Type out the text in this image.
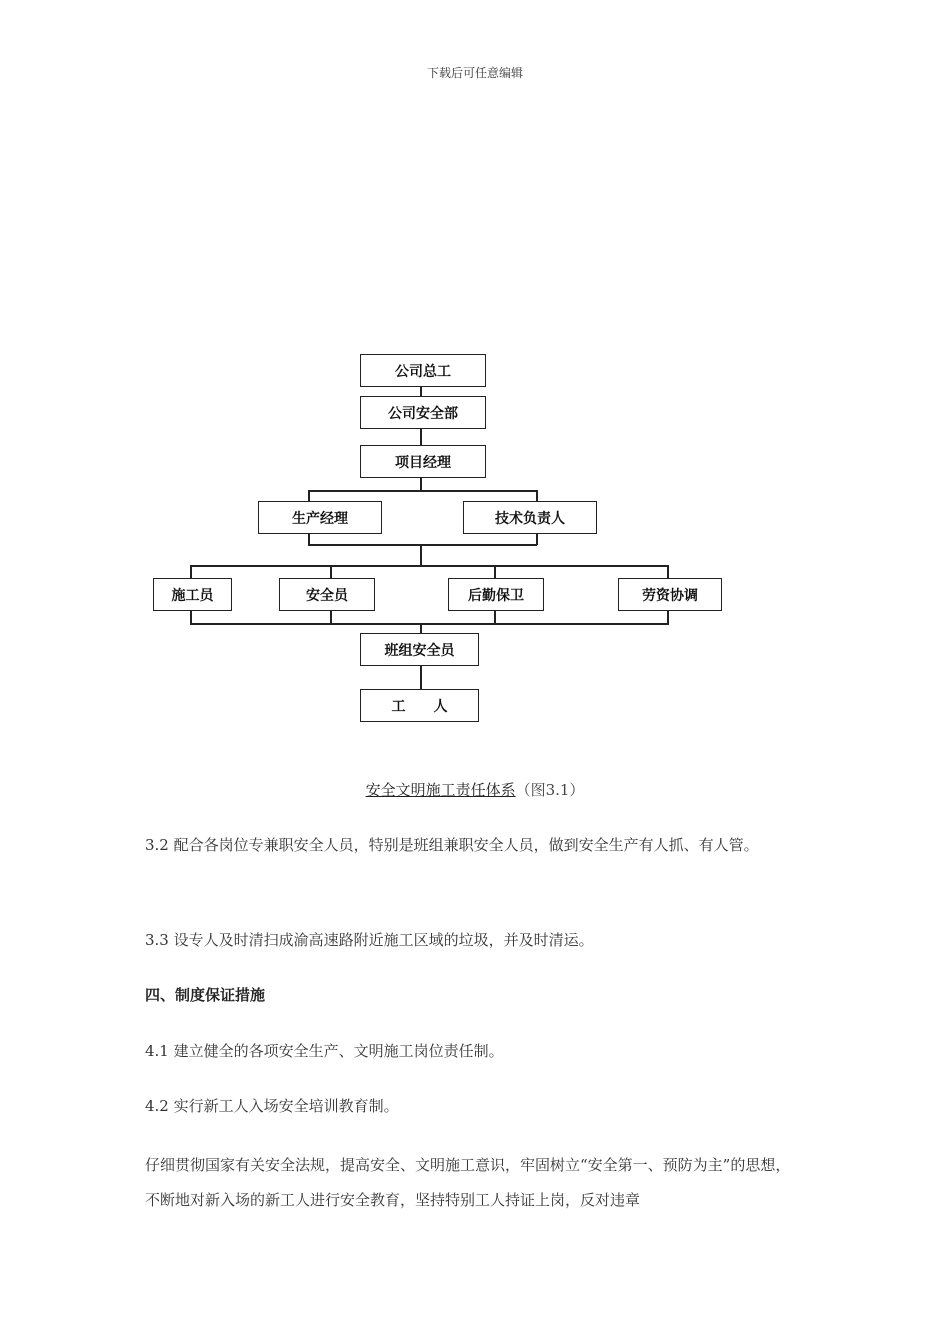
下载后可任意编辑
公司总工
公司安全部
项目经理
生产经理	技术负责人
施工员	安全员	后勤保卫	劳资协调
班组安全员
工　　人
安全文明施工责任体系（图3.1）
3.2 配合各岗位专兼职安全人员，特别是班组兼职安全人员，做到安全生产有人抓、有人管。
3.3 设专人及时清扫成渝高速路附近施工区域的垃圾，并及时清运。
四、制度保证措施
4.1 建立健全的各项安全生产、文明施工岗位责任制。
4.2 实行新工人入场安全培训教育制。
仔细贯彻国家有关安全法规，提高安全、文明施工意识，牢固树立“安全第一、预防为主”的思想，不断地对新入场的新工人进行安全教育，坚持特别工人持证上岗，反对违章
